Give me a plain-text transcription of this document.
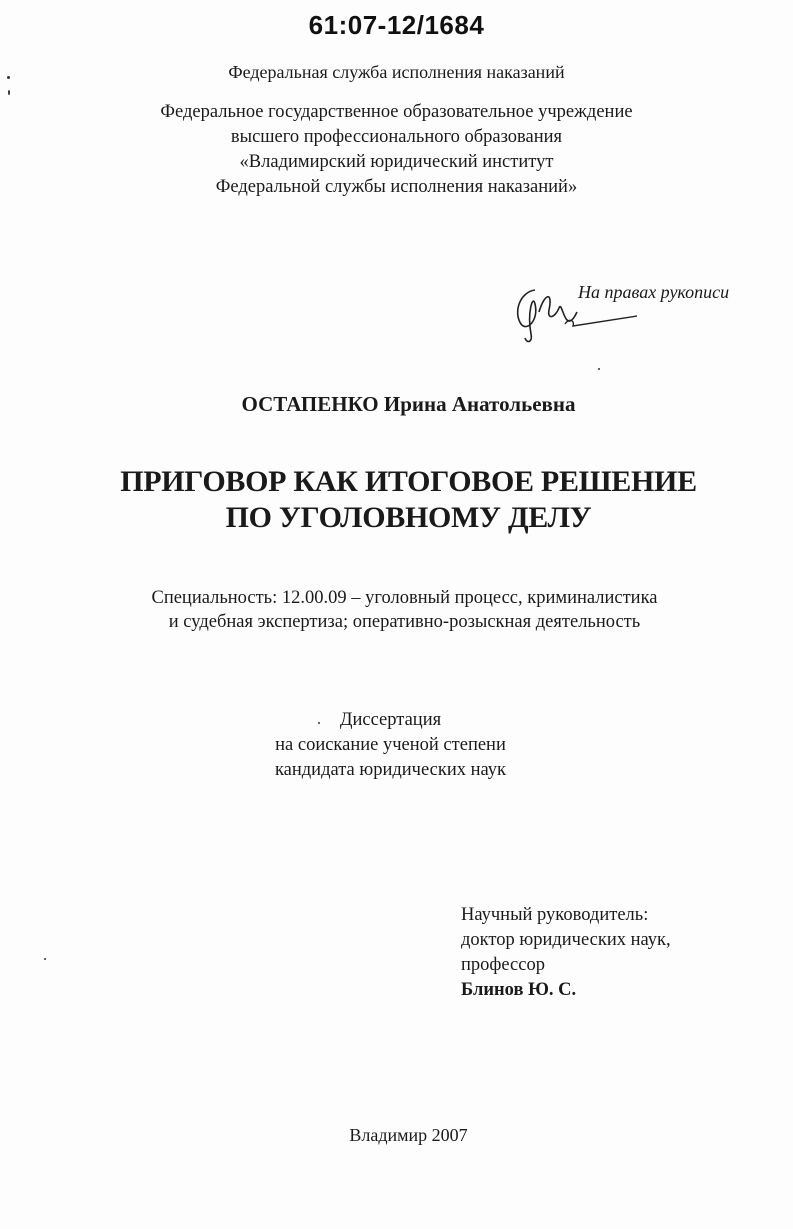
61:07-12/1684
Федеральная служба исполнения наказаний
Федеральное государственное образовательное учреждение
высшего профессионального образования
«Владимирский юридический институт
Федеральной службы исполнения наказаний»
На правах рукописи
ОСТАПЕНКО Ирина Анатольевна
ПРИГОВОР КАК ИТОГОВОЕ РЕШЕНИЕ
ПО УГОЛОВНОМУ ДЕЛУ
Специальность: 12.00.09 – уголовный процесс, криминалистика
и судебная экспертиза; оперативно-розыскная деятельность
Диссертация
на соискание ученой степени
кандидата юридических наук
Научный руководитель:
доктор юридических наук,
профессор
Блинов Ю. С.
Владимир 2007
